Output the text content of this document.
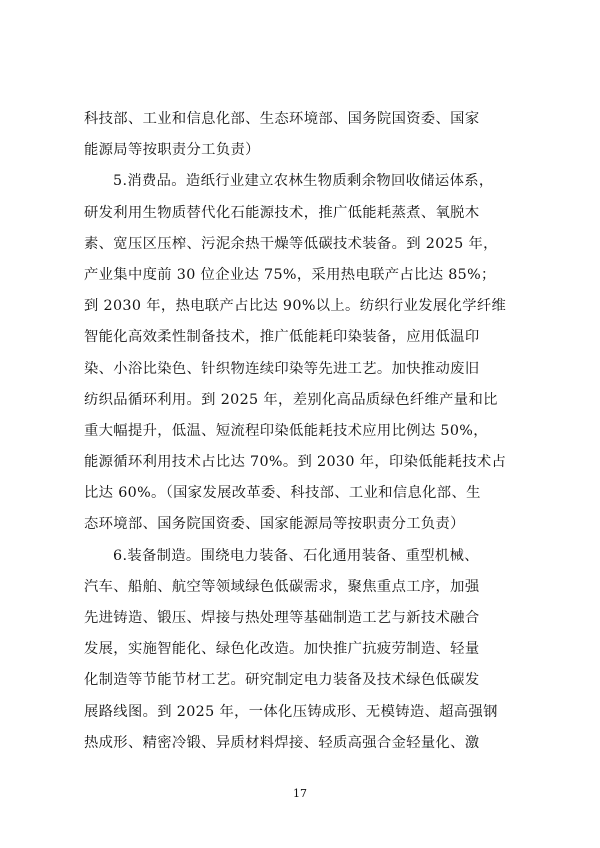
科技部、工业和信息化部、生态环境部、国务院国资委、国家
能源局等按职责分工负责）
5.消费品。造纸行业建立农林生物质剩余物回收储运体系，
研发利用生物质替代化石能源技术，推广低能耗蒸煮、氧脱木
素、宽压区压榨、污泥余热干燥等低碳技术装备。到 2025 年，
产业集中度前 30 位企业达 75%，采用热电联产占比达 85%；
到 2030 年，热电联产占比达 90%以上。纺织行业发展化学纤维
智能化高效柔性制备技术，推广低能耗印染装备，应用低温印
染、小浴比染色、针织物连续印染等先进工艺。加快推动废旧
纺织品循环利用。到 2025 年，差别化高品质绿色纤维产量和比
重大幅提升，低温、短流程印染低能耗技术应用比例达 50%，
能源循环利用技术占比达 70%。到 2030 年，印染低能耗技术占
比达 60%。（国家发展改革委、科技部、工业和信息化部、生
态环境部、国务院国资委、国家能源局等按职责分工负责）
6.装备制造。围绕电力装备、石化通用装备、重型机械、
汽车、船舶、航空等领域绿色低碳需求，聚焦重点工序，加强
先进铸造、锻压、焊接与热处理等基础制造工艺与新技术融合
发展，实施智能化、绿色化改造。加快推广抗疲劳制造、轻量
化制造等节能节材工艺。研究制定电力装备及技术绿色低碳发
展路线图。到 2025 年，一体化压铸成形、无模铸造、超高强钢
热成形、精密冷锻、异质材料焊接、轻质高强合金轻量化、激
17
